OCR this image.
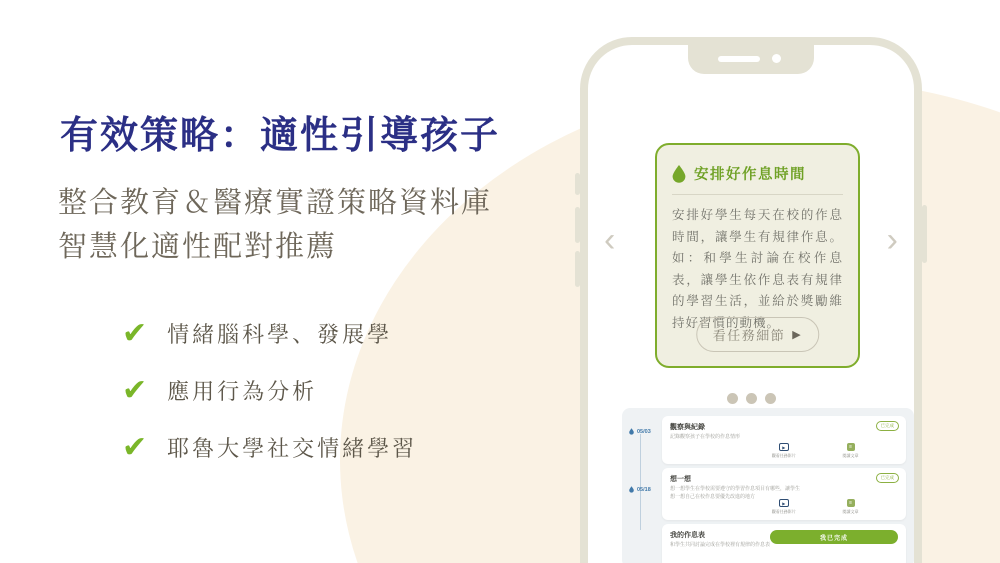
有效策略：適性引導孩子
整合教育＆醫療實證策略資料庫
智慧化適性配對推薦
✔ 情緒腦科學、發展學
✔ 應用行為分析
✔ 耶魯大學社交情緒學習
‹	›
安排好作息時間
安排好學生每天在校的作息時間，讓學生有規律作息。如：和學生討論在校作息表，讓學生依作息表有規律的學習生活，並給於獎勵維持好習慣的動機。
看任務細節 ▶
05/03
05/18
觀察與紀錄
記錄觀察孩子在學校的作息情形
已完成
▶
觀看任務影片
≡
閱讀文章
想一想
想一想學生在學校需要遵守的學習作息項目有哪些，讓學生
想一想自己在校作息要優先改進的地方
已完成
▶
觀看任務影片
≡
閱讀文章
我的作息表
和學生共同討論完成在學校裡有規律的作息表
我已完成
